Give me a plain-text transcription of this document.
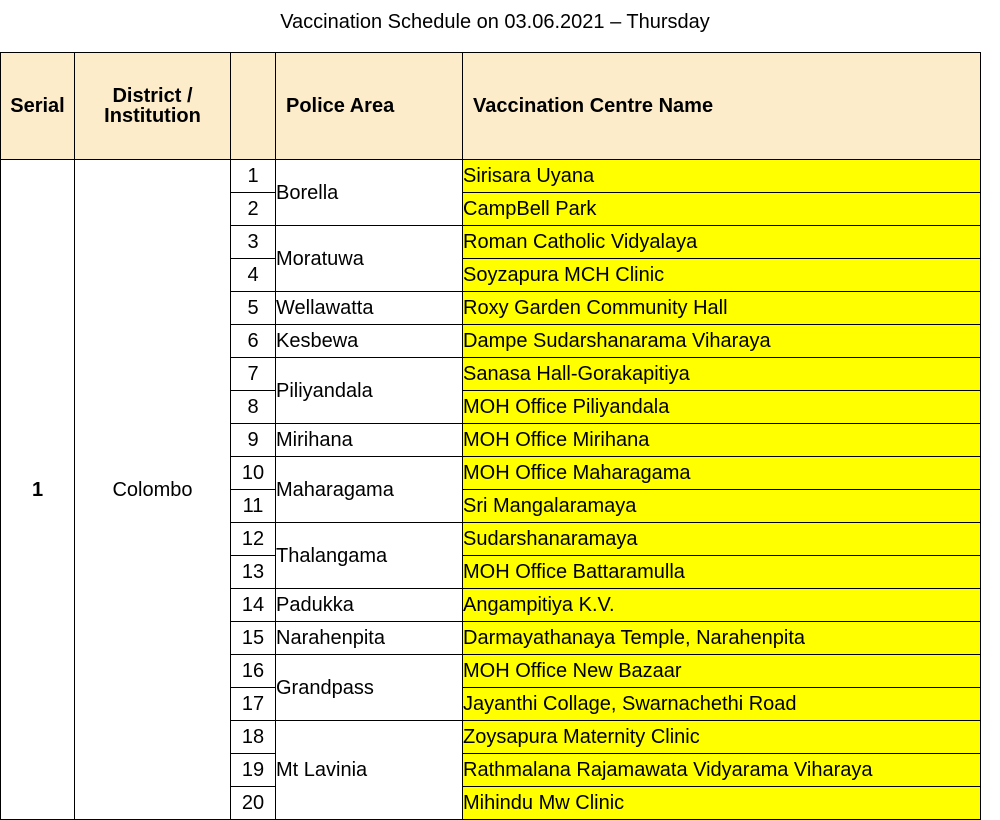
Vaccination Schedule on 03.06.2021 – Thursday
Serial	District / Institution		Police Area	Vaccination Centre Name
1	Colombo	1	Borella	Sirisara Uyana
		2		CampBell Park
		3	Moratuwa	Roman Catholic Vidyalaya
		4		Soyzapura MCH Clinic
		5	Wellawatta	Roxy Garden Community Hall
		6	Kesbewa	Dampe Sudarshanarama Viharaya
		7	Piliyandala	Sanasa Hall-Gorakapitiya
		8		MOH Office Piliyandala
		9	Mirihana	MOH Office Mirihana
		10	Maharagama	MOH Office Maharagama
		11		Sri Mangalaramaya
		12	Thalangama	Sudarshanaramaya
		13		MOH Office Battaramulla
		14	Padukka	Angampitiya K.V.
		15	Narahenpita	Darmayathanaya Temple, Narahenpita
		16	Grandpass	MOH Office New Bazaar
		17		Jayanthi Collage, Swarnachethi Road
		18	Mt Lavinia	Zoysapura Maternity Clinic
		19		Rathmalana Rajamawata Vidyarama Viharaya
		20		Mihindu Mw Clinic
